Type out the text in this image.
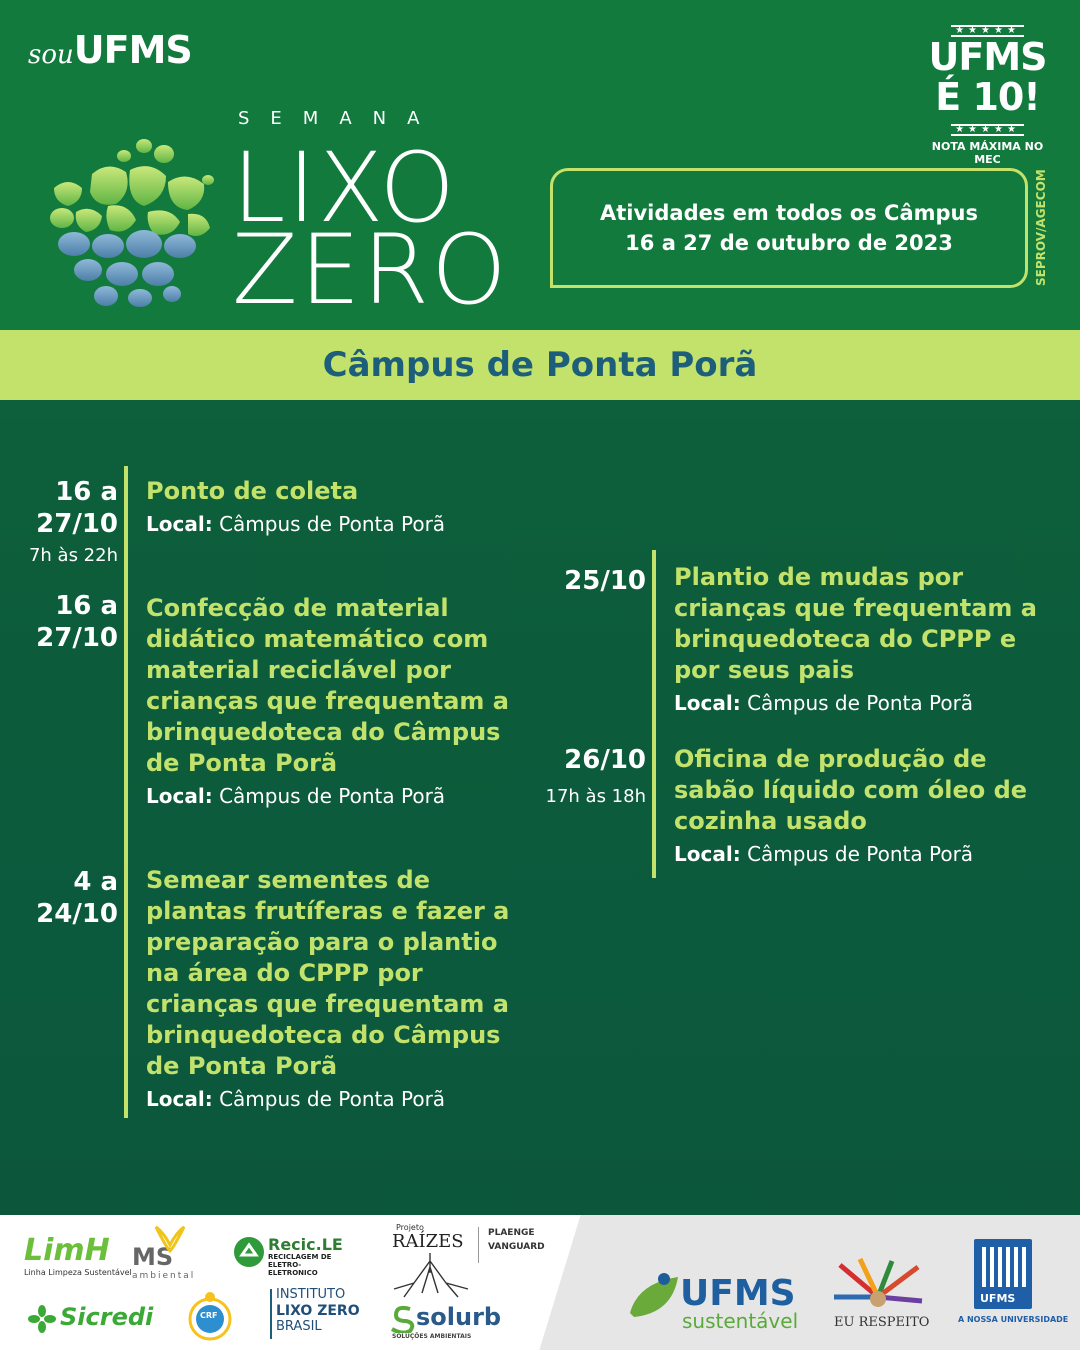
souUFMS	★★★★★
UFMS
É 10!
★★★★★
NOTA MÁXIMA NO MEC
SEMANA
LIXO
ZERO
Atividades em todos os Câmpus
16 a 27 de outubro de 2023	SEPROV/AGECOM
Câmpus de Ponta Porã
16 a
27/10
7h às 22h
Ponto de coleta
Local: Câmpus de Ponta Porã
16 a
27/10
Confecção de material
didático matemático com
material reciclável por
crianças que frequentam a
brinquedoteca do Câmpus
de Ponta Porã
Local: Câmpus de Ponta Porã
4 a
24/10
Semear sementes de
plantas frutíferas e fazer a
preparação para o plantio
na área do CPPP por
crianças que frequentam a
brinquedoteca do Câmpus
de Ponta Porã
Local: Câmpus de Ponta Porã
25/10 Plantio de mudas por
crianças que frequentam a
brinquedoteca do CPPP e
por seus pais
Local: Câmpus de Ponta Porã
26/10
17h às 18h
Oficina de produção de
sabão líquido com óleo de
cozinha usado
Local: Câmpus de Ponta Porã
LimH
Linha Limpeza Sustentável
MS
ambiental
Recic.LE
RECICLAGEM DE
ELETRO-ELETRONICO
Projeto
RAÍZES	PLAENGE
VANGUARD
Sicredi	CRF
INSTITUTO
LIXO ZERO
BRASIL	solurb
SOLUÇÕES AMBIENTAIS
UFMS
sustentável	EU RESPEITO
UFMS
A NOSSA UNIVERSIDADE
